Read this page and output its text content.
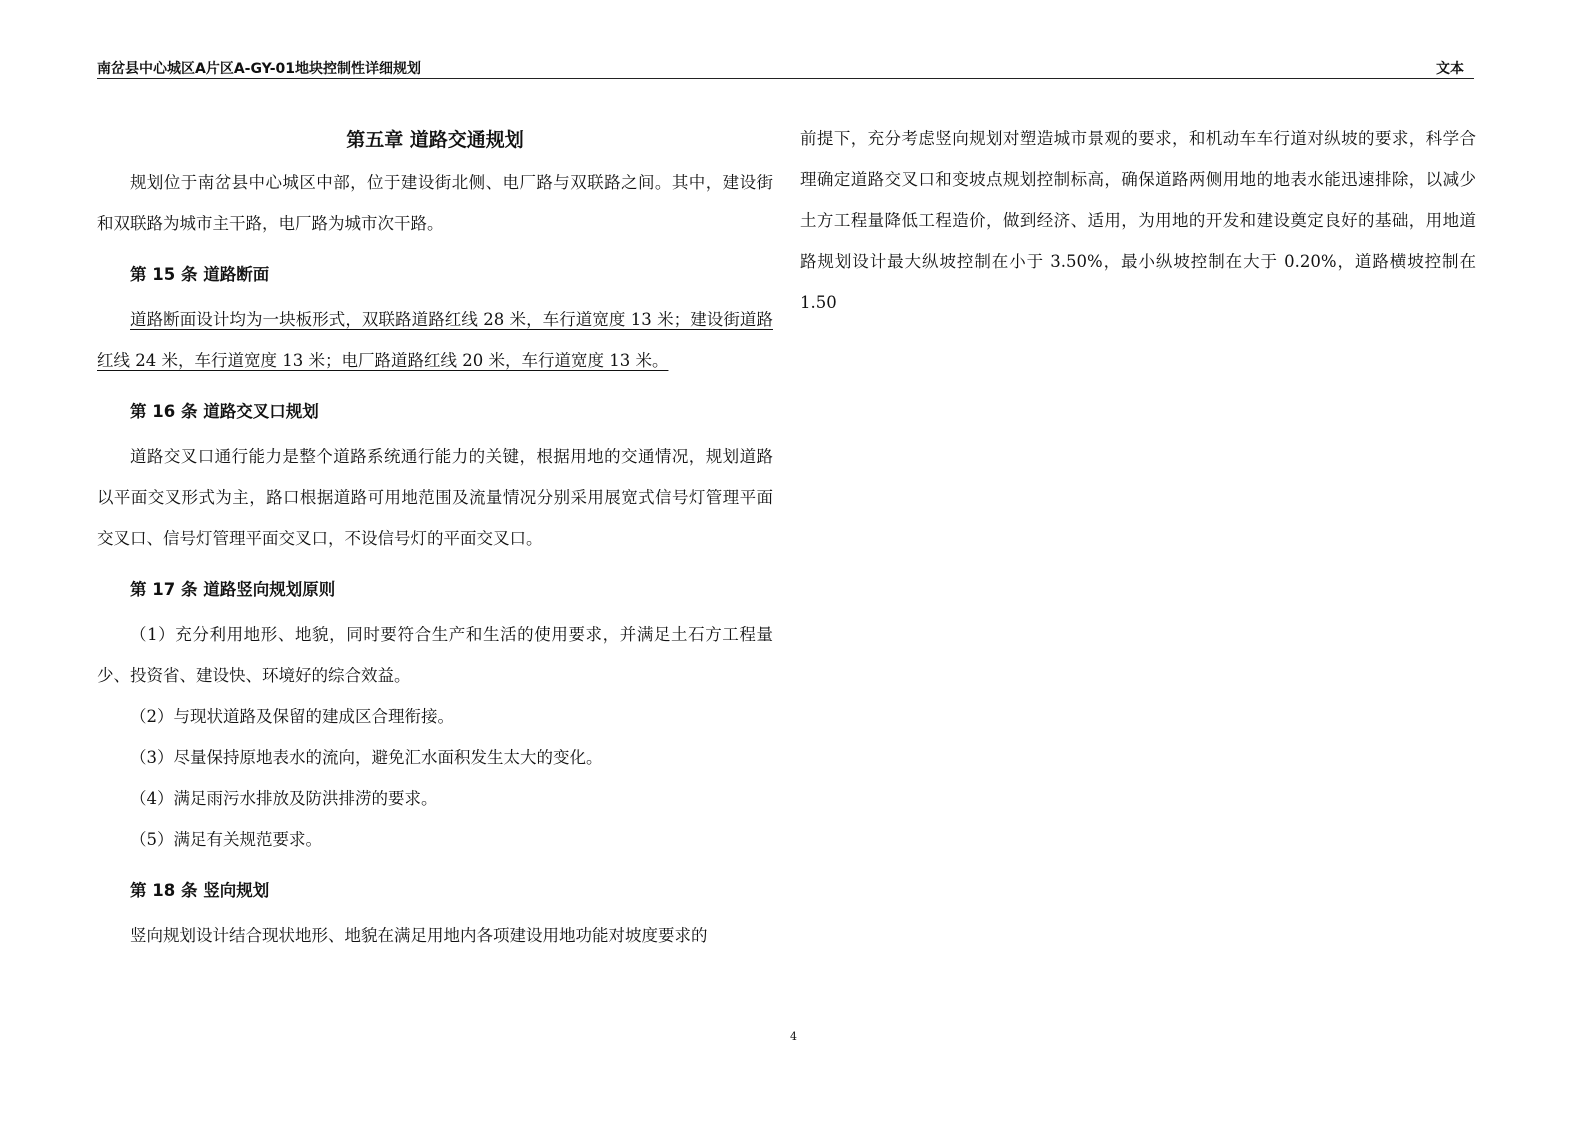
南岔县中心城区A片区A-GY-01地块控制性详细规划	文本
第五章 道路交通规划

规划位于南岔县中心城区中部，位于建设街北侧、电厂路与双联路之间。其中，建设街和双联路为城市主干路，电厂路为城市次干路。

第 15 条 道路断面

道路断面设计均为一块板形式，双联路道路红线 28 米，车行道宽度 13 米；建设街道路红线 24 米，车行道宽度 13 米；电厂路道路红线 20 米，车行道宽度 13 米。

第 16 条 道路交叉口规划

道路交叉口通行能力是整个道路系统通行能力的关键，根据用地的交通情况，规划道路以平面交叉形式为主，路口根据道路可用地范围及流量情况分别采用展宽式信号灯管理平面交叉口、信号灯管理平面交叉口，不设信号灯的平面交叉口。

第 17 条 道路竖向规划原则

（1）充分利用地形、地貌，同时要符合生产和生活的使用要求，并满足土石方工程量少、投资省、建设快、环境好的综合效益。

（2）与现状道路及保留的建成区合理衔接。

（3）尽量保持原地表水的流向，避免汇水面积发生太大的变化。

（4）满足雨污水排放及防洪排涝的要求。

（5）满足有关规范要求。

第 18 条 竖向规划

竖向规划设计结合现状地形、地貌在满足用地内各项建设用地功能对坡度要求的

前提下，充分考虑竖向规划对塑造城市景观的要求，和机动车车行道对纵坡的要求，科学合理确定道路交叉口和变坡点规划控制标高，确保道路两侧用地的地表水能迅速排除，以减少土方工程量降低工程造价，做到经济、适用，为用地的开发和建设奠定良好的基础，用地道路规划设计最大纵坡控制在小于 3.50%，最小纵坡控制在大于 0.20%，道路横坡控制在 1.50

4
